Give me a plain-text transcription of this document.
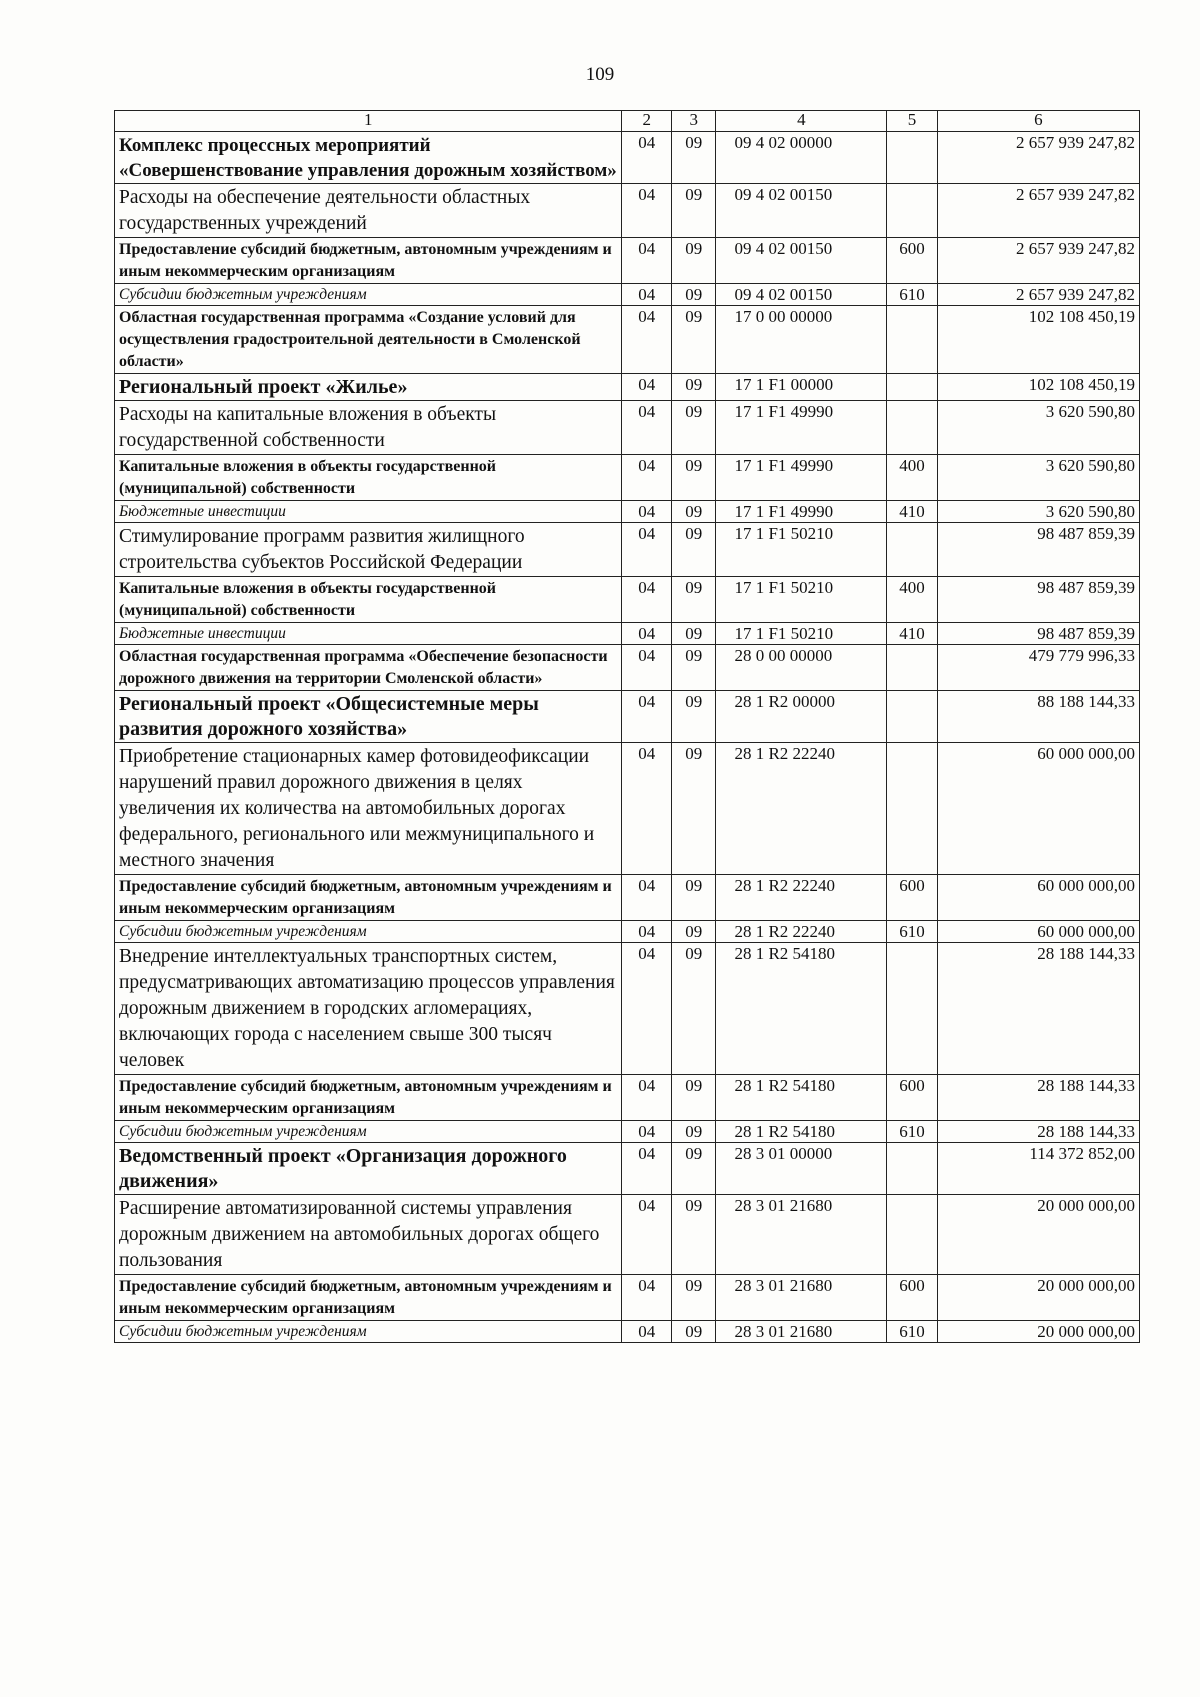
109
1	2	3	4	5	6
Комплекс процессных мероприятий «Совершенствование управления дорожным хозяйством»	04	09	09 4 02 00000		2 657 939 247,82
Расходы на обеспечение деятельности областных государственных учреждений	04	09	09 4 02 00150		2 657 939 247,82
Предоставление субсидий бюджетным, автономным учреждениям и иным некоммерческим организациям	04	09	09 4 02 00150	600	2 657 939 247,82
Субсидии бюджетным учреждениям	04	09	09 4 02 00150	610	2 657 939 247,82
Областная государственная программа «Создание условий для осуществления градостроительной деятельности в Смоленской области»	04	09	17 0 00 00000		102 108 450,19
Региональный проект «Жилье»	04	09	17 1 F1 00000		102 108 450,19
Расходы на капитальные вложения в объекты государственной собственности	04	09	17 1 F1 49990		3 620 590,80
Капитальные вложения в объекты государственной (муниципальной) собственности	04	09	17 1 F1 49990	400	3 620 590,80
Бюджетные инвестиции	04	09	17 1 F1 49990	410	3 620 590,80
Стимулирование программ развития жилищного строительства субъектов Российской Федерации	04	09	17 1 F1 50210		98 487 859,39
Капитальные вложения в объекты государственной (муниципальной) собственности	04	09	17 1 F1 50210	400	98 487 859,39
Бюджетные инвестиции	04	09	17 1 F1 50210	410	98 487 859,39
Областная государственная программа «Обеспечение безопасности дорожного движения на территории Смоленской области»	04	09	28 0 00 00000		479 779 996,33
Региональный проект «Общесистемные меры развития дорожного хозяйства»	04	09	28 1 R2 00000		88 188 144,33
Приобретение стационарных камер фотовидеофиксации нарушений правил дорожного движения в целях увеличения их количества на автомобильных дорогах федерального, регионального или межмуниципального и местного значения	04	09	28 1 R2 22240		60 000 000,00
Предоставление субсидий бюджетным, автономным учреждениям и иным некоммерческим организациям	04	09	28 1 R2 22240	600	60 000 000,00
Субсидии бюджетным учреждениям	04	09	28 1 R2 22240	610	60 000 000,00
Внедрение интеллектуальных транспортных систем, предусматривающих автоматизацию процессов управления дорожным движением в городских агломерациях, включающих города с населением свыше 300 тысяч человек	04	09	28 1 R2 54180		28 188 144,33
Предоставление субсидий бюджетным, автономным учреждениям и иным некоммерческим организациям	04	09	28 1 R2 54180	600	28 188 144,33
Субсидии бюджетным учреждениям	04	09	28 1 R2 54180	610	28 188 144,33
Ведомственный проект «Организация дорожного движения»	04	09	28 3 01 00000		114 372 852,00
Расширение автоматизированной системы управления дорожным движением на автомобильных дорогах общего пользования	04	09	28 3 01 21680		20 000 000,00
Предоставление субсидий бюджетным, автономным учреждениям и иным некоммерческим организациям	04	09	28 3 01 21680	600	20 000 000,00
Субсидии бюджетным учреждениям	04	09	28 3 01 21680	610	20 000 000,00
